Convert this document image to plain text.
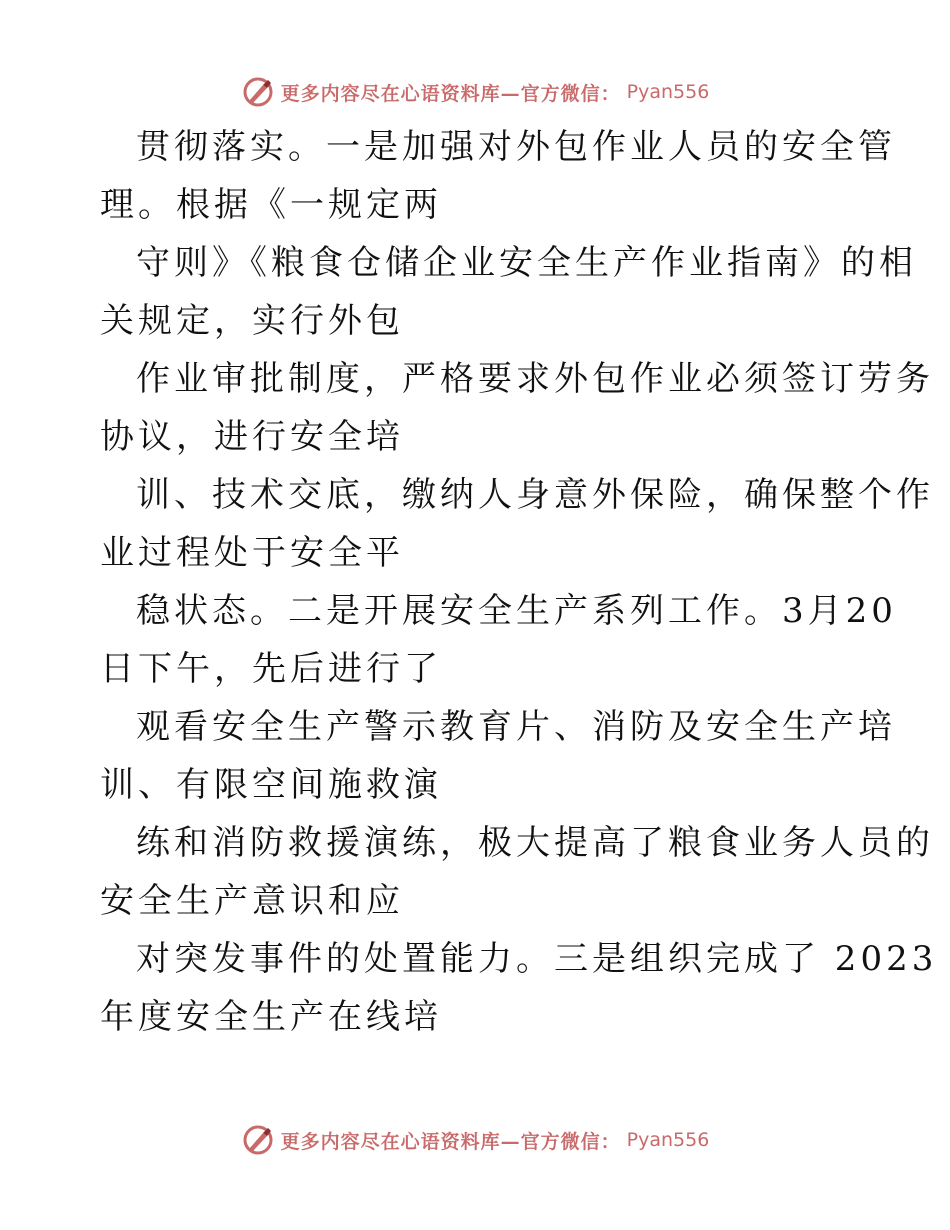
更多内容尽在心语资料库—官方微信： Pyan556
贯彻落实。一是加强对外包作业人员的安全管
理。根据《一规定两
守则》《粮食仓储企业安全生产作业指南》的相
关规定，实行外包
作业审批制度，严格要求外包作业必须签订劳务
协议，进行安全培
训、技术交底，缴纳人身意外保险，确保整个作
业过程处于安全平
稳状态。二是开展安全生产系列工作。3月20
日下午，先后进行了
观看安全生产警示教育片、消防及安全生产培
训、有限空间施救演
练和消防救援演练，极大提高了粮食业务人员的
安全生产意识和应
对突发事件的处置能力。三是组织完成了 2023
年度安全生产在线培
更多内容尽在心语资料库—官方微信： Pyan556
